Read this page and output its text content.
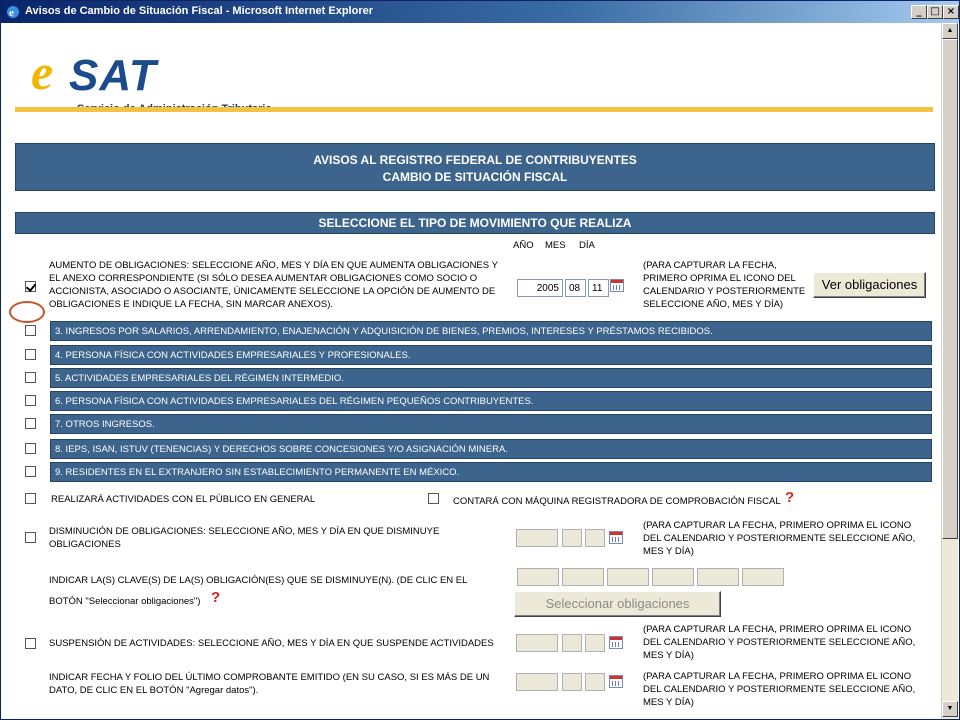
e Avisos de Cambio de Situación Fiscal - Microsoft Internet Explorer	_ □ ×
e SAT
AVISOS AL REGISTRO FEDERAL DE CONTRIBUYENTES
CAMBIO DE SITUACIÓN FISCAL
SELECCIONE EL TIPO DE MOVIMIENTO QUE REALIZA
AÑO MES DÍA
AUMENTO DE OBLIGACIONES: SELECCIONE AÑO, MES Y DÍA EN QUE AUMENTA OBLIGACIONES Y EL ANEXO CORRESPONDIENTE (SI SÓLO DESEA AUMENTAR OBLIGACIONES COMO SOCIO O ACCIONISTA, ASOCIADO O ASOCIANTE, ÚNICAMENTE SELECCIONE LA OPCIÓN DE AUMENTO DE OBLIGACIONES E INDIQUE LA FECHA, SIN MARCAR ANEXOS).
2005
08
11
(PARA CAPTURAR LA FECHA, PRIMERO OPRIMA EL ICONO DEL CALENDARIO Y POSTERIORMENTE SELECCIONE AÑO, MES Y DÍA)
Ver obligaciones
3. INGRESOS POR SALARIOS, ARRENDAMIENTO, ENAJENACIÓN Y ADQUISICIÓN DE BIENES, PREMIOS, INTERESES Y PRÉSTAMOS RECIBIDOS.
4. PERSONA FÍSICA CON ACTIVIDADES EMPRESARIALES Y PROFESIONALES.
5. ACTIVIDADES EMPRESARIALES DEL RÉGIMEN INTERMEDIO.
6. PERSONA FÍSICA CON ACTIVIDADES EMPRESARIALES DEL RÉGIMEN PEQUEÑOS CONTRIBUYENTES.
7. OTROS INGRESOS.
8. IEPS, ISAN, ISTUV (TENENCIAS) Y DERECHOS SOBRE CONCESIONES Y/O ASIGNACIÓN MINERA.
9. RESIDENTES EN EL EXTRANJERO SIN ESTABLECIMIENTO PERMANENTE EN MÉXICO.
REALIZARÁ ACTIVIDADES CON EL PÚBLICO EN GENERAL	CONTARÁ CON MÁQUINA REGISTRADORA DE COMPROBACIÓN FISCAL ?
DISMINUCIÓN DE OBLIGACIONES: SELECCIONE AÑO, MES Y DÍA EN QUE DISMINUYE OBLIGACIONES
(PARA CAPTURAR LA FECHA, PRIMERO OPRIMA EL ICONO DEL CALENDARIO Y POSTERIORMENTE SELECCIONE AÑO, MES Y DÍA)
INDICAR LA(S) CLAVE(S) DE LA(S) OBLIGACIÓN(ES) QUE SE DISMINUYE(N). (DE CLIC EN EL
BOTÓN "Seleccionar obligaciones") ?	Seleccionar obligaciones
SUSPENSIÓN DE ACTIVIDADES: SELECCIONE AÑO, MES Y DÍA EN QUE SUSPENDE ACTIVIDADES
(PARA CAPTURAR LA FECHA, PRIMERO OPRIMA EL ICONO DEL CALENDARIO Y POSTERIORMENTE SELECCIONE AÑO, MES Y DÍA)
INDICAR FECHA Y FOLIO DEL ÚLTIMO COMPROBANTE EMITIDO (EN SU CASO, SI ES MÁS DE UN DATO, DE CLIC EN EL BOTÓN "Agregar datos").
(PARA CAPTURAR LA FECHA, PRIMERO OPRIMA EL ICONO DEL CALENDARIO Y POSTERIORMENTE SELECCIONE AÑO, MES Y DÍA)
▲
▼
